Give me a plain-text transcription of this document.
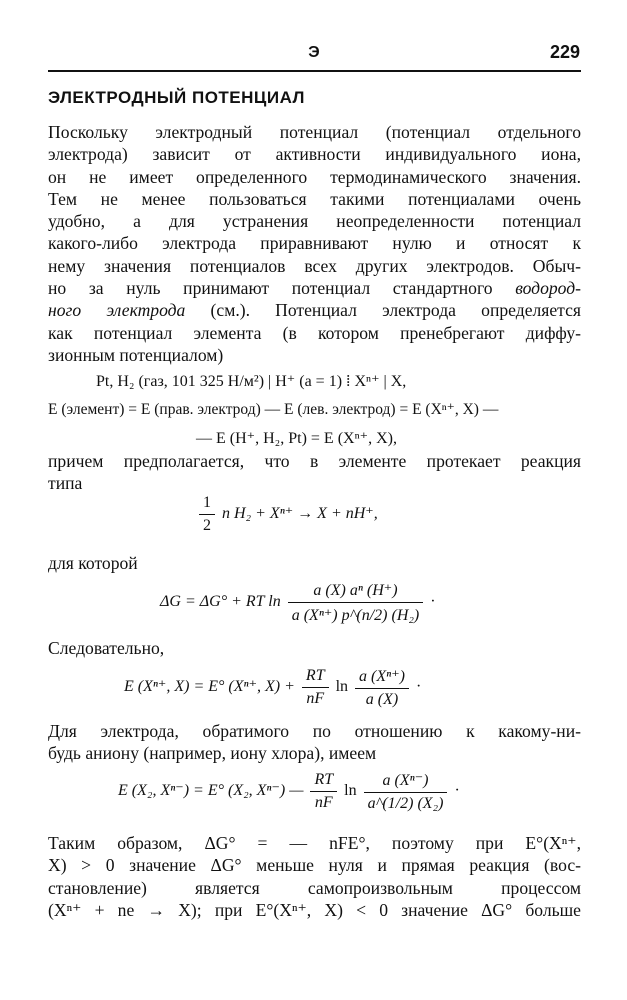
Э	229
ЭЛЕКТРОДНЫЙ ПОТЕНЦИАЛ
Поскольку электродный потенциал (потенциал отдельного
электрода) зависит от активности индивидуального иона,
он не имеет определенного термодинамического значения.
Тем не менее пользоваться такими потенциалами очень
удобно, а для устранения неопределенности потенциал
какого-либо электрода приравнивают нулю и относят к
нему значения потенциалов всех других электродов. Обыч-
но за нуль принимают потенциал стандартного водород-
ного электрода (см.). Потенциал электрода определяется
как потенциал элемента (в котором пренебрегают диффу-
зионным потенциалом)
Pt, H₂ (газ, 101 325 Н/м²) | H⁺ (a = 1) ⁞ Xⁿ⁺ | X,
E (элемент) = E (прав. электрод) — E (лев. электрод) = E (Xⁿ⁺, X) —
— E (H⁺, H₂, Pt) = E (Xⁿ⁺, X),
причем предполагается, что в элементе протекает реакция
типа
$\frac{1}{2}$ n H₂ + Xⁿ⁺ → X + nH⁺,
для которой
ΔG = ΔG° + RT $\ln \frac{\text{a (X) aⁿ (H⁺)}}{\text{a (Xⁿ⁺) p\textasciicircum{}(n/2) (H₂)}}$ ·
Следовательно,
E (Xⁿ⁺, X) = E° (Xⁿ⁺, $X) + \frac{RT}{nF}$ $\ln \frac{\text{a (Xⁿ⁺)}}{a (X)}$ ·
Для электрода, обратимого по отношению к какому-ни-
будь аниону (например, иону хлора), имеем
E (X₂, Xⁿ⁻) = E° (X₂, Xⁿ⁻) — $\frac{RT}{nF}$ $\ln \frac{\text{a (Xⁿ⁻)}}{\text{a\textasciicircum{}(1/2) (X₂)}}$ ·
Таким образом, ΔG° = — nFE°, поэтому при E°(Xⁿ⁺,
X) > 0 значение ΔG° меньше нуля и прямая реакция (вос-
становление) является самопроизвольным процессом
(Xⁿ⁺ + ne → X); при E°(Xⁿ⁺, X) < 0 значение ΔG° больше
